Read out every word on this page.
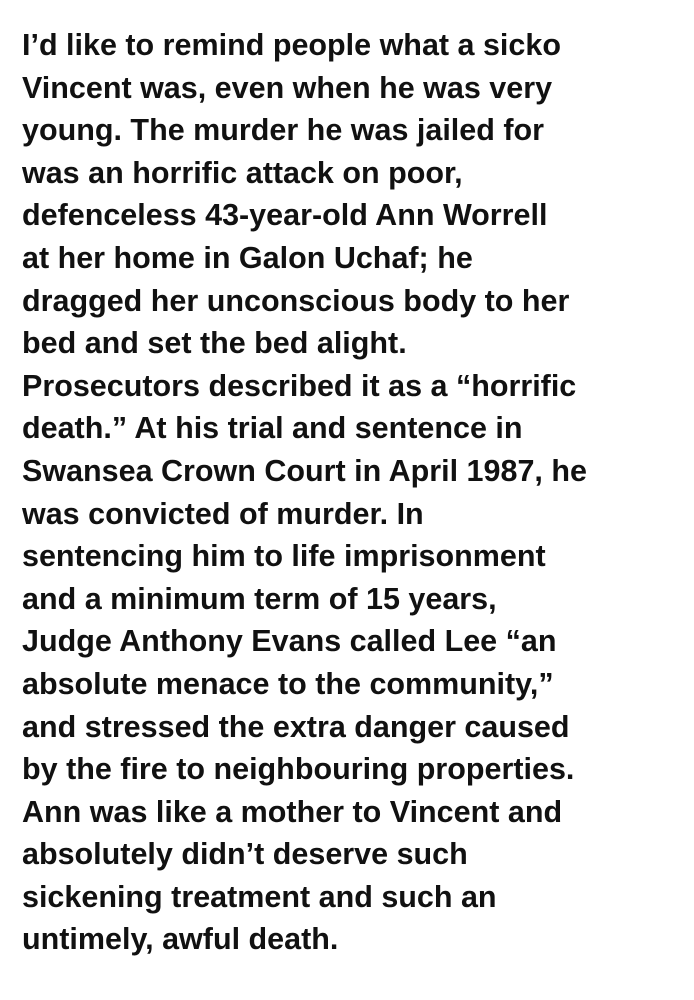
I’d like to remind people what a sicko
Vincent was, even when he was very
young. The murder he was jailed for
was an horrific attack on poor,
defenceless 43-year-old Ann Worrell
at her home in Galon Uchaf; he
dragged her unconscious body to her
bed and set the bed alight.
Prosecutors described it as a “horrific
death.” At his trial and sentence in
Swansea Crown Court in April 1987, he
was convicted of murder. In
sentencing him to life imprisonment
and a minimum term of 15 years,
Judge Anthony Evans called Lee “an
absolute menace to the community,”
and stressed the extra danger caused
by the fire to neighbouring properties.
Ann was like a mother to Vincent and
absolutely didn’t deserve such
sickening treatment and such an
untimely, awful death.
